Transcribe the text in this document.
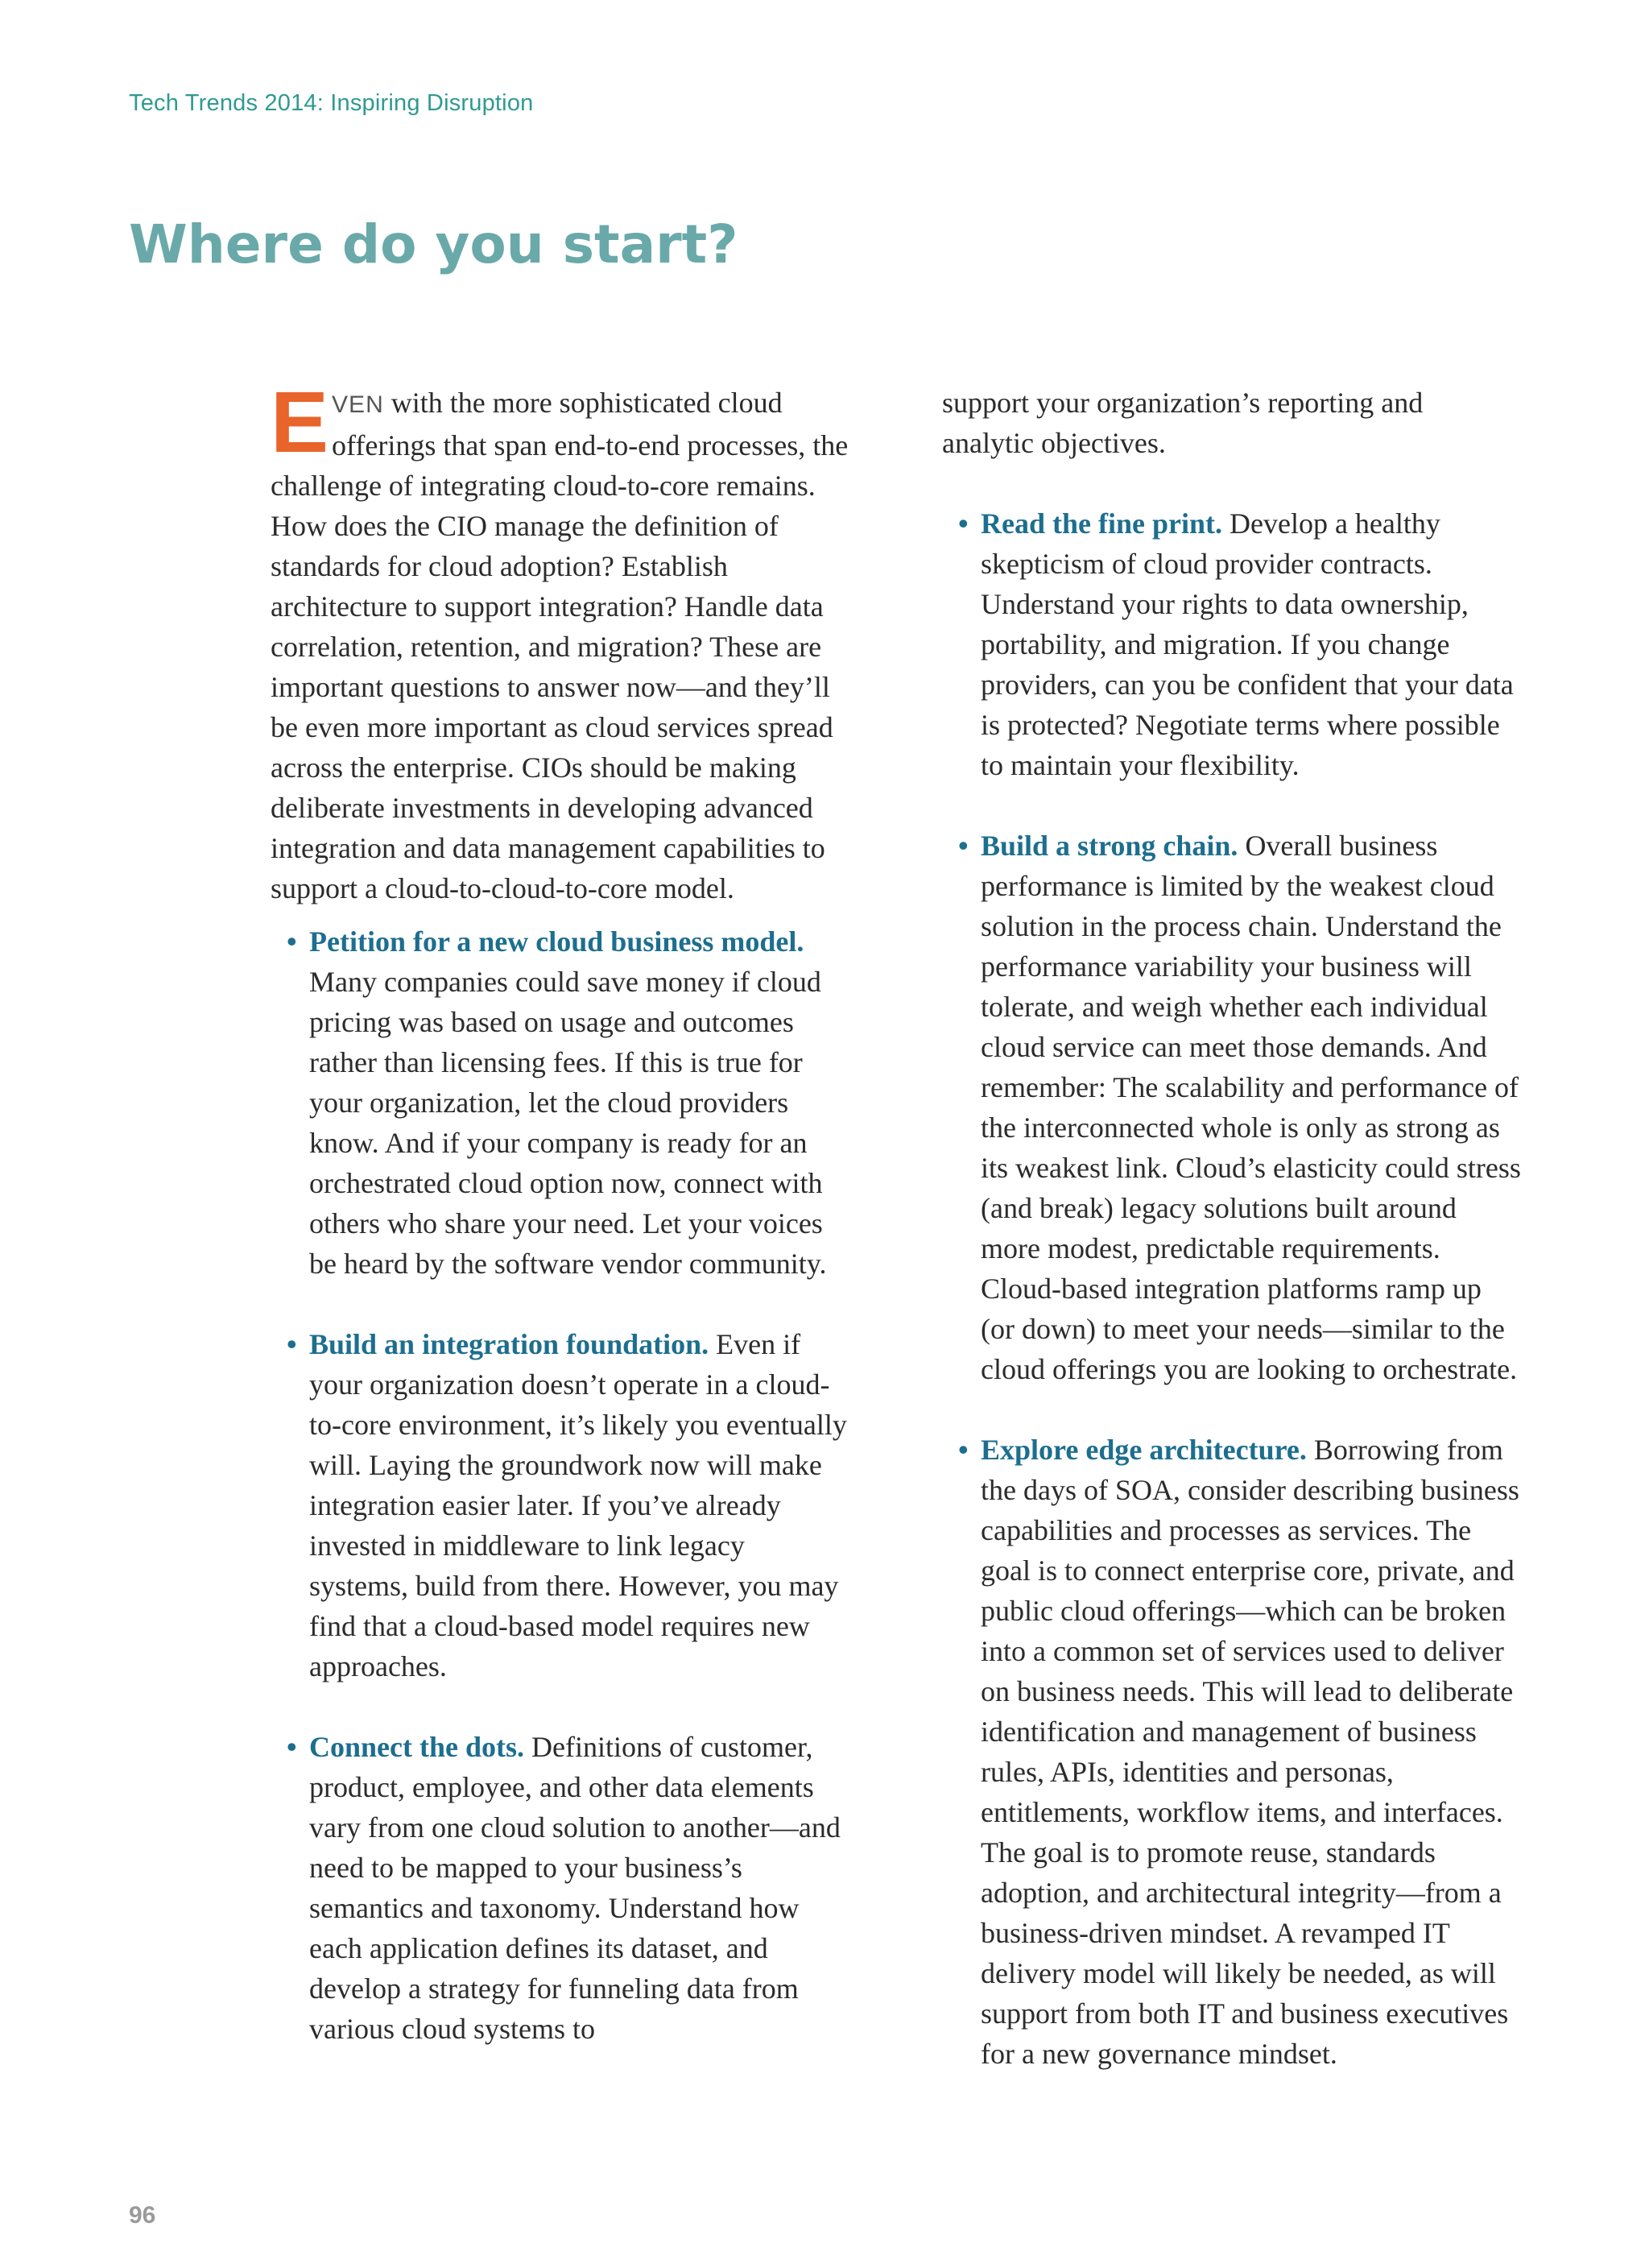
Tech Trends 2014: Inspiring Disruption
Where do you start?

EVEN with the more sophisticated cloud offerings that span end-to-end processes, the challenge of integrating cloud-to-core remains. How does the CIO manage the definition of standards for cloud adoption? Establish architecture to support integration? Handle data correlation, retention, and migration? These are important questions to answer now—and they’ll be even more important as cloud services spread across the enterprise. CIOs should be making deliberate investments in developing advanced integration and data management capabilities to support a cloud-to-cloud-to-core model.

• Petition for a new cloud business model. Many companies could save money if cloud pricing was based on usage and outcomes rather than licensing fees. If this is true for your organization, let the cloud providers know. And if your company is ready for an orchestrated cloud option now, connect with others who share your need. Let your voices be heard by the software vendor community.
• Build an integration foundation. Even if your organization doesn’t operate in a cloud-to-core environment, it’s likely you eventually will. Laying the groundwork now will make integration easier later. If you’ve already invested in middleware to link legacy systems, build from there. However, you may find that a cloud-based model requires new approaches.
• Connect the dots. Definitions of customer, product, employee, and other data elements vary from one cloud solution to another—and need to be mapped to your business’s semantics and taxonomy. Understand how each application defines its dataset, and develop a strategy for funneling data from various cloud systems to

support your organization’s reporting and analytic objectives.

• Read the fine print. Develop a healthy skepticism of cloud provider contracts. Understand your rights to data ownership, portability, and migration. If you change providers, can you be confident that your data is protected? Negotiate terms where possible to maintain your flexibility.
• Build a strong chain. Overall business performance is limited by the weakest cloud solution in the process chain. Understand the performance variability your business will tolerate, and weigh whether each individual cloud service can meet those demands. And remember: The scalability and performance of the interconnected whole is only as strong as its weakest link. Cloud’s elasticity could stress (and break) legacy solutions built around more modest, predictable requirements. Cloud-based integration platforms ramp up (or down) to meet your needs—similar to the cloud offerings you are looking to orchestrate.
• Explore edge architecture. Borrowing from the days of SOA, consider describing business capabilities and processes as services. The goal is to connect enterprise core, private, and public cloud offerings—which can be broken into a common set of services used to deliver on business needs. This will lead to deliberate identification and management of business rules, APIs, identities and personas, entitlements, workflow items, and interfaces. The goal is to promote reuse, standards adoption, and architectural integrity—from a business-driven mindset. A revamped IT delivery model will likely be needed, as will support from both IT and business executives for a new governance mindset.
96
